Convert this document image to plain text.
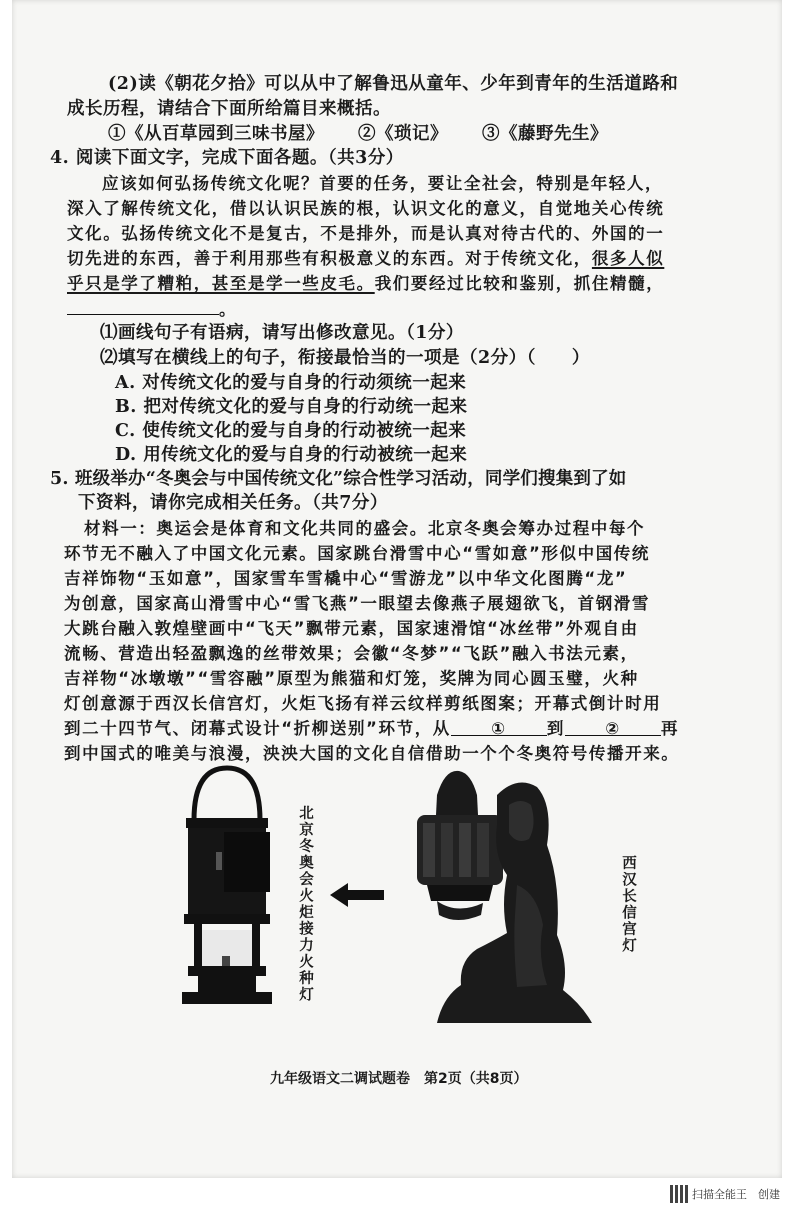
(2)读《朝花夕拾》可以从中了解鲁迅从童年、少年到青年的生活道路和
成长历程，请结合下面所给篇目来概括。
①《从百草园到三味书屋》 ②《琐记》 ③《藤野先生》
4. 阅读下面文字，完成下面各题。（共3分）
应该如何弘扬传统文化呢？首要的任务，要让全社会，特别是年轻人，
深入了解传统文化，借以认识民族的根，认识文化的意义，自觉地关心传统
文化。弘扬传统文化不是复古，不是排外，而是认真对待古代的、外国的一
切先进的东西，善于利用那些有积极意义的东西。对于传统文化，很多人似
乎只是学了糟粕，甚至是学一些皮毛。我们要经过比较和鉴别，抓住精髓，
。
⑴画线句子有语病，请写出修改意见。（1分）
⑵填写在横线上的句子，衔接最恰当的一项是（2分）（　　）
A. 对传统文化的爱与自身的行动须统一起来
B. 把对传统文化的爱与自身的行动统一起来
C. 使传统文化的爱与自身的行动被统一起来
D. 用传统文化的爱与自身的行动被统一起来
5. 班级举办“冬奥会与中国传统文化”综合性学习活动，同学们搜集到了如
下资料，请你完成相关任务。（共7分）
材料一：奥运会是体育和文化共同的盛会。北京冬奥会筹办过程中每个
环节无不融入了中国文化元素。国家跳台滑雪中心“雪如意”形似中国传统
吉祥饰物“玉如意”，国家雪车雪橇中心“雪游龙”以中华文化图腾“龙”
为创意，国家高山滑雪中心“雪飞燕”一眼望去像燕子展翅欲飞，首钢滑雪
大跳台融入敦煌壁画中“飞天”飘带元素，国家速滑馆“冰丝带”外观自由
流畅、营造出轻盈飘逸的丝带效果；会徽“冬梦”“飞跃”融入书法元素，
吉祥物“冰墩墩”“雪容融”原型为熊猫和灯笼，奖牌为同心圆玉璧，火种
灯创意源于西汉长信宫灯，火炬飞扬有祥云纹样剪纸图案；开幕式倒计时用
到二十四节气、闭幕式设计“折柳送别”环节，从 ① 到 ② 再
到中国式的唯美与浪漫，泱泱大国的文化自信借助一个个冬奥符号传播开来。
北京冬奥会火炬接力火种灯	西汉长信宫灯
九年级语文二调试题卷　第2页（共8页）
扫描全能王　创建
